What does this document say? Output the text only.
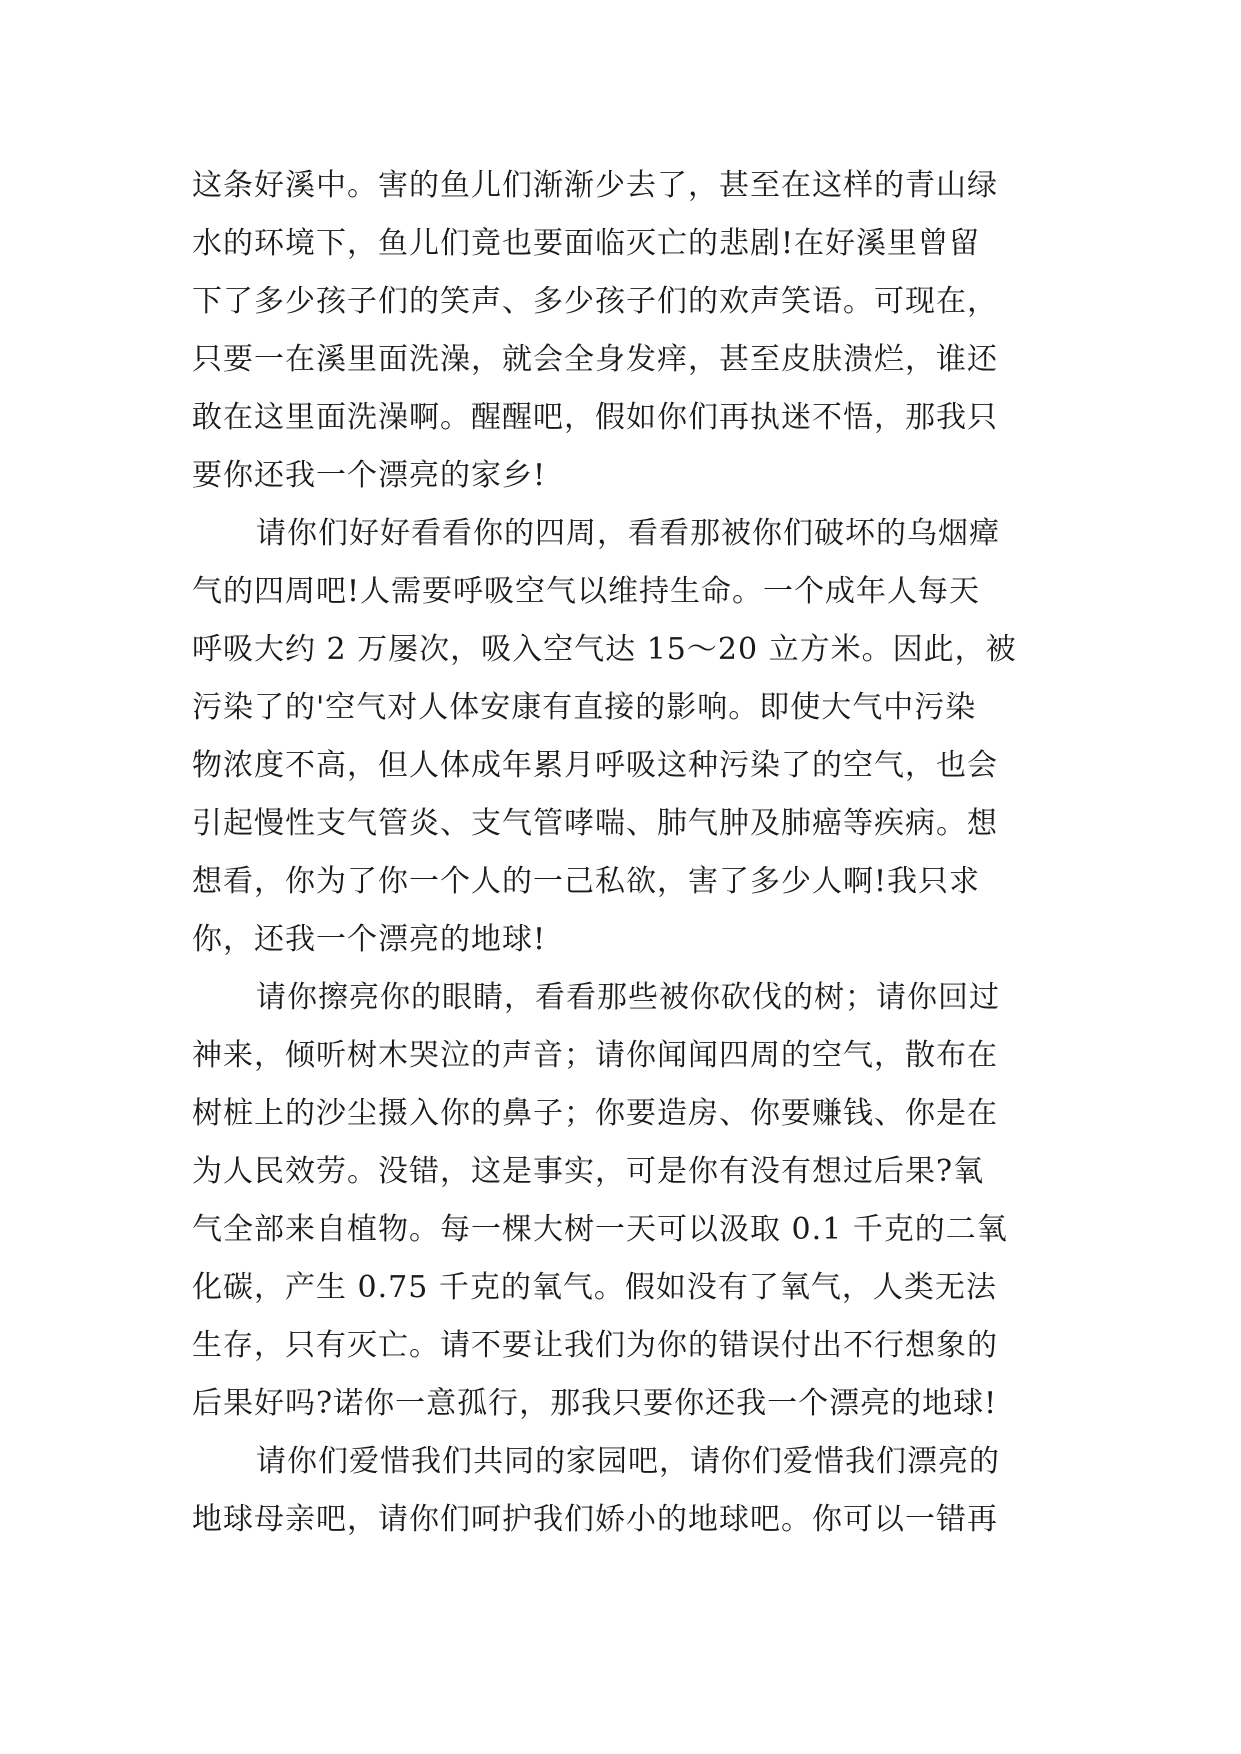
这条好溪中。害的鱼儿们渐渐少去了，甚至在这样的青山绿
水的环境下，鱼儿们竟也要面临灭亡的悲剧!在好溪里曾留
下了多少孩子们的笑声、多少孩子们的欢声笑语。可现在，
只要一在溪里面洗澡，就会全身发痒，甚至皮肤溃烂，谁还
敢在这里面洗澡啊。醒醒吧，假如你们再执迷不悟，那我只
要你还我一个漂亮的家乡!
请你们好好看看你的四周，看看那被你们破坏的乌烟瘴
气的四周吧!人需要呼吸空气以维持生命。一个成年人每天
呼吸大约 2 万屡次，吸入空气达 15～20 立方米。因此，被
污染了的'空气对人体安康有直接的影响。即使大气中污染
物浓度不高，但人体成年累月呼吸这种污染了的空气，也会
引起慢性支气管炎、支气管哮喘、肺气肿及肺癌等疾病。想
想看，你为了你一个人的一己私欲，害了多少人啊!我只求
你，还我一个漂亮的地球!
请你擦亮你的眼睛，看看那些被你砍伐的树；请你回过
神来，倾听树木哭泣的声音；请你闻闻四周的空气，散布在
树桩上的沙尘摄入你的鼻子；你要造房、你要赚钱、你是在
为人民效劳。没错，这是事实，可是你有没有想过后果?氧
气全部来自植物。每一棵大树一天可以汲取 0.1 千克的二氧
化碳，产生 0.75 千克的氧气。假如没有了氧气，人类无法
生存，只有灭亡。请不要让我们为你的错误付出不行想象的
后果好吗?诺你一意孤行，那我只要你还我一个漂亮的地球!
请你们爱惜我们共同的家园吧，请你们爱惜我们漂亮的
地球母亲吧，请你们呵护我们娇小的地球吧。你可以一错再
